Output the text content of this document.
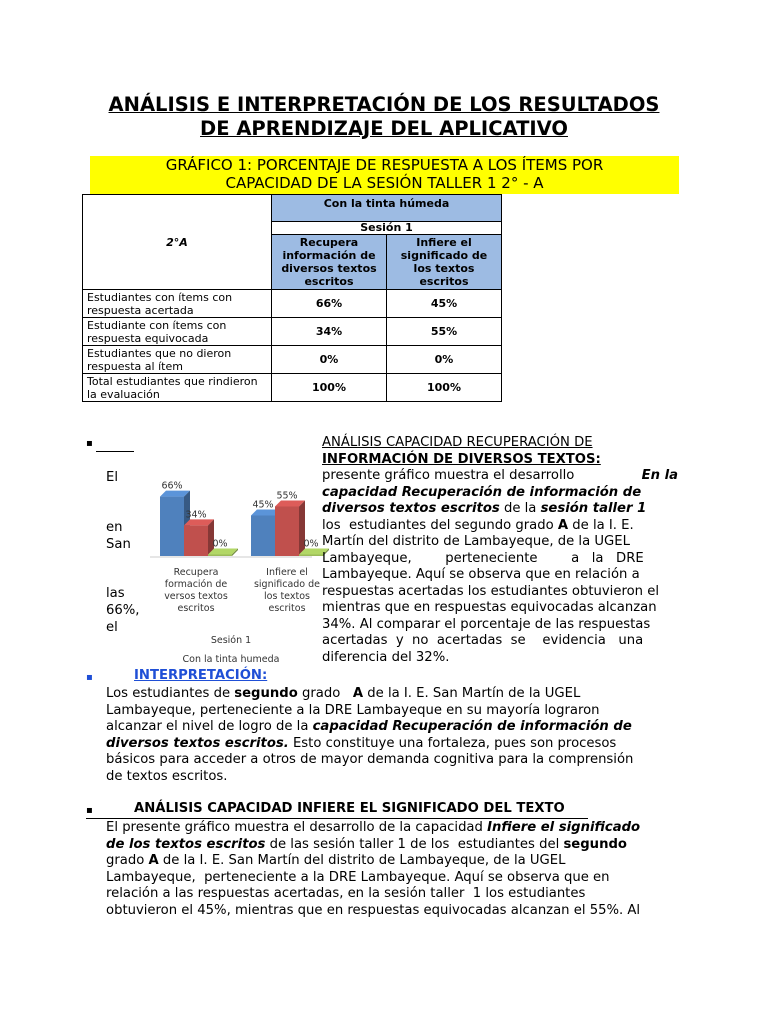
ANÁLISIS E INTERPRETACIÓN DE LOS RESULTADOS
DE APRENDIZAJE DEL APLICATIVO
GRÁFICO 1: PORCENTAJE DE RESPUESTA A LOS ÍTEMS POR
CAPACIDAD DE LA SESIÓN TALLER 1 2° - A
2°A	Con la tinta húmeda	
	Sesión 1	
	Recupera información de diversos textos escritos	Infiere el significado de los textos escritos
Estudiantes con ítems con respuesta acertada	66%	45%
Estudiante con ítems con respuesta equivocada	34%	55%
Estudiantes que no dieron respuesta al ítem	0%	0%
Total estudiantes que rindieron la evaluación	100%	100%
▪
El
en
San
las
66%,
el
66%
34%
0%
Recupera
formación de
versos textos
escritos
45%
55%
0%
Infiere el
significado de
los textos
escritos
Sesión 1
Con la tinta humeda
ANÁLISIS CAPACIDAD RECUPERACIÓN DE
INFORMACIÓN DE DIVERSOS TEXTOS:
presente gráfico muestra el desarrollo	En la
capacidad Recuperación de información de
diversos textos escritos de la sesión taller 1
los  estudiantes del segundo grado A de la I. E.
Martín del distrito de Lambayeque, de la UGEL
Lambayeque,        perteneciente        a   la   DRE
Lambayeque. Aquí se observa que en relación a
respuestas acertadas los estudiantes obtuvieron el
mientras que en respuestas equivocadas alcanzan
34%. Al comparar el porcentaje de las respuestas
acertadas  y  no  acertadas  se    evidencia   una
diferencia del 32%.
▪	INTERPRETACIÓN:
Los estudiantes de segundo grado   A de la I. E. San Martín de la UGEL
Lambayeque, perteneciente a la DRE Lambayeque en su mayoría lograron
alcanzar el nivel de logro de la capacidad Recuperación de información de
diversos textos escritos. Esto constituye una fortaleza, pues son procesos
básicos para acceder a otros de mayor demanda cognitiva para la comprensión
de textos escritos.
▪	ANÁLISIS CAPACIDAD INFIERE EL SIGNIFICADO DEL TEXTO
El presente gráfico muestra el desarrollo de la capacidad Infiere el significado
de los textos escritos de las sesión taller 1 de los  estudiantes del segundo
grado A de la I. E. San Martín del distrito de Lambayeque, de la UGEL
Lambayeque,  perteneciente a la DRE Lambayeque. Aquí se observa que en
relación a las respuestas acertadas, en la sesión taller  1 los estudiantes
obtuvieron el 45%, mientras que en respuestas equivocadas alcanzan el 55%. Al
